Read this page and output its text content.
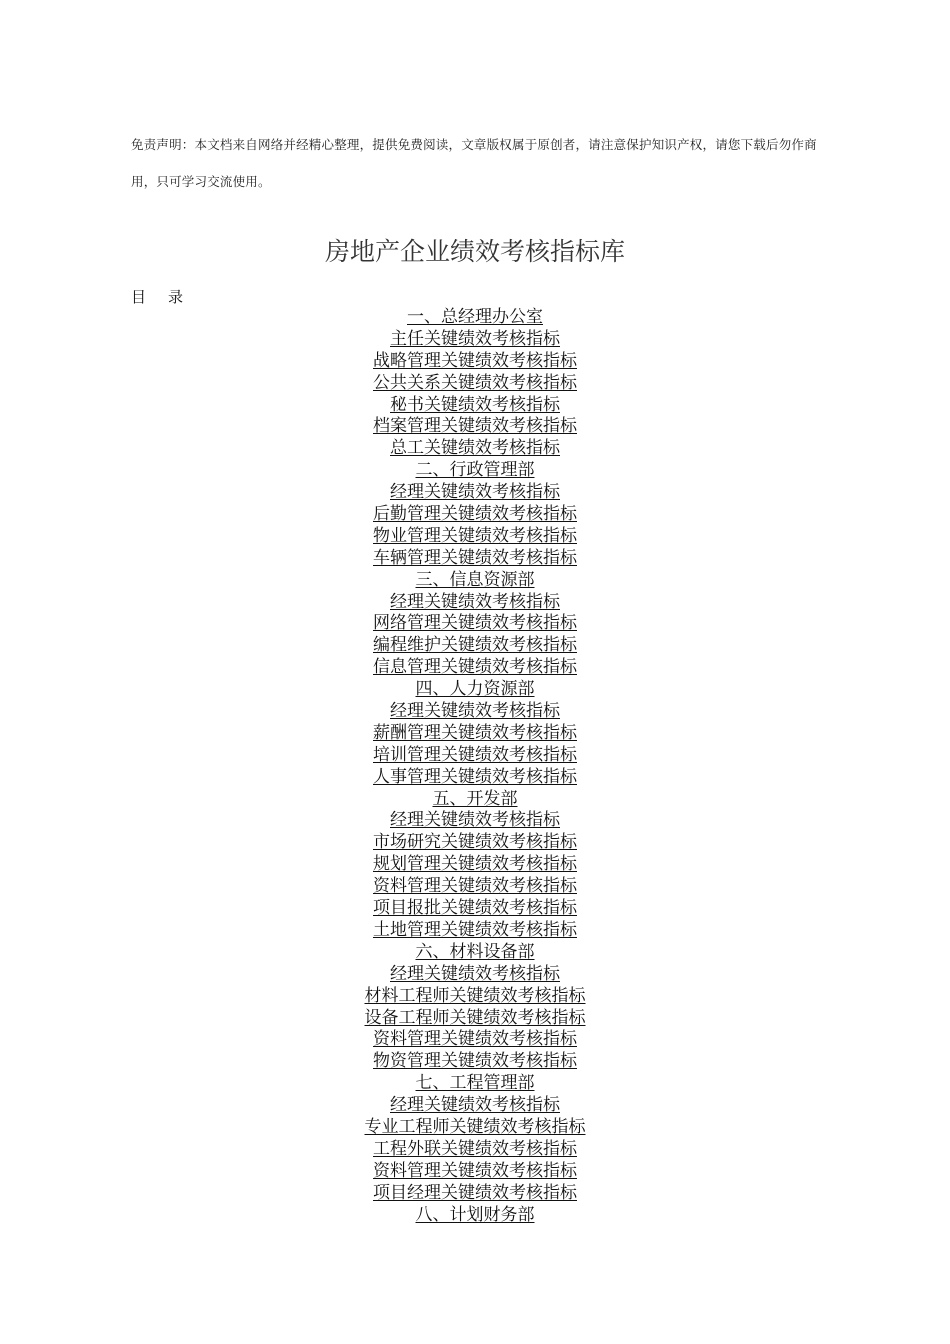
免责声明：本文档来自网络并经精心整理，提供免费阅读，文章版权属于原创者，请注意保护知识产权，请您下载后勿作商用，只可学习交流使用。
房地产企业绩效考核指标库
目录
一、总经理办公室
主任关键绩效考核指标
战略管理关键绩效考核指标
公共关系关键绩效考核指标
秘书关键绩效考核指标
档案管理关键绩效考核指标
总工关键绩效考核指标
二、行政管理部
经理关键绩效考核指标
后勤管理关键绩效考核指标
物业管理关键绩效考核指标
车辆管理关键绩效考核指标
三、信息资源部
经理关键绩效考核指标
网络管理关键绩效考核指标
编程维护关键绩效考核指标
信息管理关键绩效考核指标
四、人力资源部
经理关键绩效考核指标
薪酬管理关键绩效考核指标
培训管理关键绩效考核指标
人事管理关键绩效考核指标
五、开发部
经理关键绩效考核指标
市场研究关键绩效考核指标
规划管理关键绩效考核指标
资料管理关键绩效考核指标
项目报批关键绩效考核指标
土地管理关键绩效考核指标
六、材料设备部
经理关键绩效考核指标
材料工程师关键绩效考核指标
设备工程师关键绩效考核指标
资料管理关键绩效考核指标
物资管理关键绩效考核指标
七、工程管理部
经理关键绩效考核指标
专业工程师关键绩效考核指标
工程外联关键绩效考核指标
资料管理关键绩效考核指标
项目经理关键绩效考核指标
八、计划财务部
